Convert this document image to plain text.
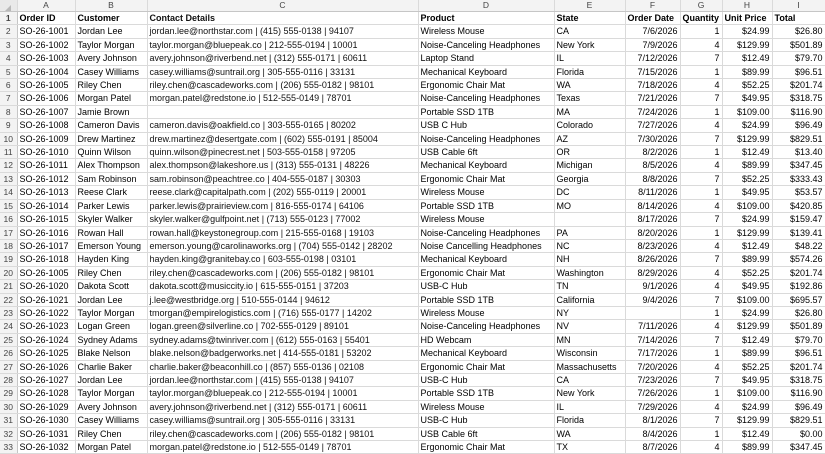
	A	B	C	D	E	F	G	H	I
1	Order ID	Customer	Contact Details	Product	State	Order Date	Quantity	Unit Price	Total
2	SO-26-1001	Jordan Lee	jordan.lee@northstar.com | (415) 555-0138 | 94107	Wireless Mouse	CA	7/6/2026	1	$24.99	$26.80
3	SO-26-1002	Taylor Morgan	taylor.morgan@bluepeak.co | 212-555-0194 | 10001	Noise-Canceling Headphones	New York	7/9/2026	4	$129.99	$501.89
4	SO-26-1003	Avery Johnson	avery.johnson@riverbend.net | (312) 555-0171 | 60611	Laptop Stand	IL	7/12/2026	7	$12.49	$79.70
5	SO-26-1004	Casey Williams	casey.williams@suntrail.org | 305-555-0116 | 33131	Mechanical Keyboard	Florida	7/15/2026	1	$89.99	$96.51
6	SO-26-1005	Riley Chen	riley.chen@cascadeworks.com | (206) 555-0182 | 98101	Ergonomic Chair Mat	WA	7/18/2026	4	$52.25	$201.74
7	SO-26-1006	Morgan Patel	morgan.patel@redstone.io | 512-555-0149 | 78701	Noise-Canceling Headphones	Texas	7/21/2026	7	$49.95	$318.75
8	SO-26-1007	Jamie Brown		Portable SSD 1TB	MA	7/24/2026	1	$109.00	$116.90
9	SO-26-1008	Cameron Davis	cameron.davis@oakfield.co | 303-555-0165 | 80202	USB C Hub	Colorado	7/27/2026	4	$24.99	$96.49
10	SO-26-1009	Drew Martinez	drew.martinez@desertgate.com | (602) 555-0191 | 85004	Noise-Canceling Headphones	AZ	7/30/2026	7	$129.99	$829.51
11	SO-26-1010	Quinn Wilson	quinn.wilson@pinecrest.net | 503-555-0158 | 97205	USB Cable 6ft	OR	8/2/2026	1	$12.49	$13.40
12	SO-26-1011	Alex Thompson	alex.thompson@lakeshore.us | (313) 555-0131 | 48226	Mechanical Keyboard	Michigan	8/5/2026	4	$89.99	$347.45
13	SO-26-1012	Sam Robinson	sam.robinson@peachtree.co | 404-555-0187 | 30303	Ergonomic Chair Mat	Georgia	8/8/2026	7	$52.25	$333.43
14	SO-26-1013	Reese Clark	reese.clark@capitalpath.com | (202) 555-0119 | 20001	Wireless Mouse	DC	8/11/2026	1	$49.95	$53.57
15	SO-26-1014	Parker Lewis	parker.lewis@prairieview.com | 816-555-0174 | 64106	Portable SSD 1TB	MO	8/14/2026	4	$109.00	$420.85
16	SO-26-1015	Skyler Walker	skyler.walker@gulfpoint.net | (713) 555-0123 | 77002	Wireless Mouse		8/17/2026	7	$24.99	$159.47
17	SO-26-1016	Rowan Hall	rowan.hall@keystonegroup.com | 215-555-0168 | 19103	Noise-Canceling Headphones	PA	8/20/2026	1	$129.99	$139.41
18	SO-26-1017	Emerson Young	emerson.young@carolinaworks.org | (704) 555-0142 | 28202	Noise Cancelling Headphones	NC	8/23/2026	4	$12.49	$48.22
19	SO-26-1018	Hayden King	hayden.king@granitebay.co | 603-555-0198 | 03101	Mechanical Keyboard	NH	8/26/2026	7	$89.99	$574.26
20	SO-26-1005	Riley Chen	riley.chen@cascadeworks.com | (206) 555-0182 | 98101	Ergonomic Chair Mat	Washington	8/29/2026	4	$52.25	$201.74
21	SO-26-1020	Dakota Scott	dakota.scott@musiccity.io | 615-555-0151 | 37203	USB-C Hub	TN	9/1/2026	4	$49.95	$192.86
22	SO-26-1021	Jordan Lee	j.lee@westbridge.org | 510-555-0144 | 94612	Portable SSD 1TB	California	9/4/2026	7	$109.00	$695.57
23	SO-26-1022	Taylor Morgan	tmorgan@empirelogistics.com | (716) 555-0177 | 14202	Wireless Mouse	NY		1	$24.99	$26.80
24	SO-26-1023	Logan Green	logan.green@silverline.co | 702-555-0129 | 89101	Noise-Canceling Headphones	NV	7/11/2026	4	$129.99	$501.89
25	SO-26-1024	Sydney Adams	sydney.adams@twinriver.com | (612) 555-0163 | 55401	HD Webcam	MN	7/14/2026	7	$12.49	$79.70
26	SO-26-1025	Blake Nelson	blake.nelson@badgerworks.net | 414-555-0181 | 53202	Mechanical Keyboard	Wisconsin	7/17/2026	1	$89.99	$96.51
27	SO-26-1026	Charlie Baker	charlie.baker@beaconhill.co | (857) 555-0136 | 02108	Ergonomic Chair Mat	Massachusetts	7/20/2026	4	$52.25	$201.74
28	SO-26-1027	Jordan Lee	jordan.lee@northstar.com | (415) 555-0138 | 94107	USB-C Hub	CA	7/23/2026	7	$49.95	$318.75
29	SO-26-1028	Taylor Morgan	taylor.morgan@bluepeak.co | 212-555-0194 | 10001	Portable SSD 1TB	New York	7/26/2026	1	$109.00	$116.90
30	SO-26-1029	Avery Johnson	avery.johnson@riverbend.net | (312) 555-0171 | 60611	Wireless Mouse	IL	7/29/2026	4	$24.99	$96.49
31	SO-26-1030	Casey Williams	casey.williams@suntrail.org | 305-555-0116 | 33131	USB-C Hub	Florida	8/1/2026	7	$129.99	$829.51
32	SO-26-1031	Riley Chen	riley.chen@cascadeworks.com | (206) 555-0182 | 98101	USB Cable 6ft	WA	8/4/2026	1	$12.49	$0.00
33	SO-26-1032	Morgan Patel	morgan.patel@redstone.io | 512-555-0149 | 78701	Ergonomic Chair Mat	TX	8/7/2026	4	$89.99	$347.45
